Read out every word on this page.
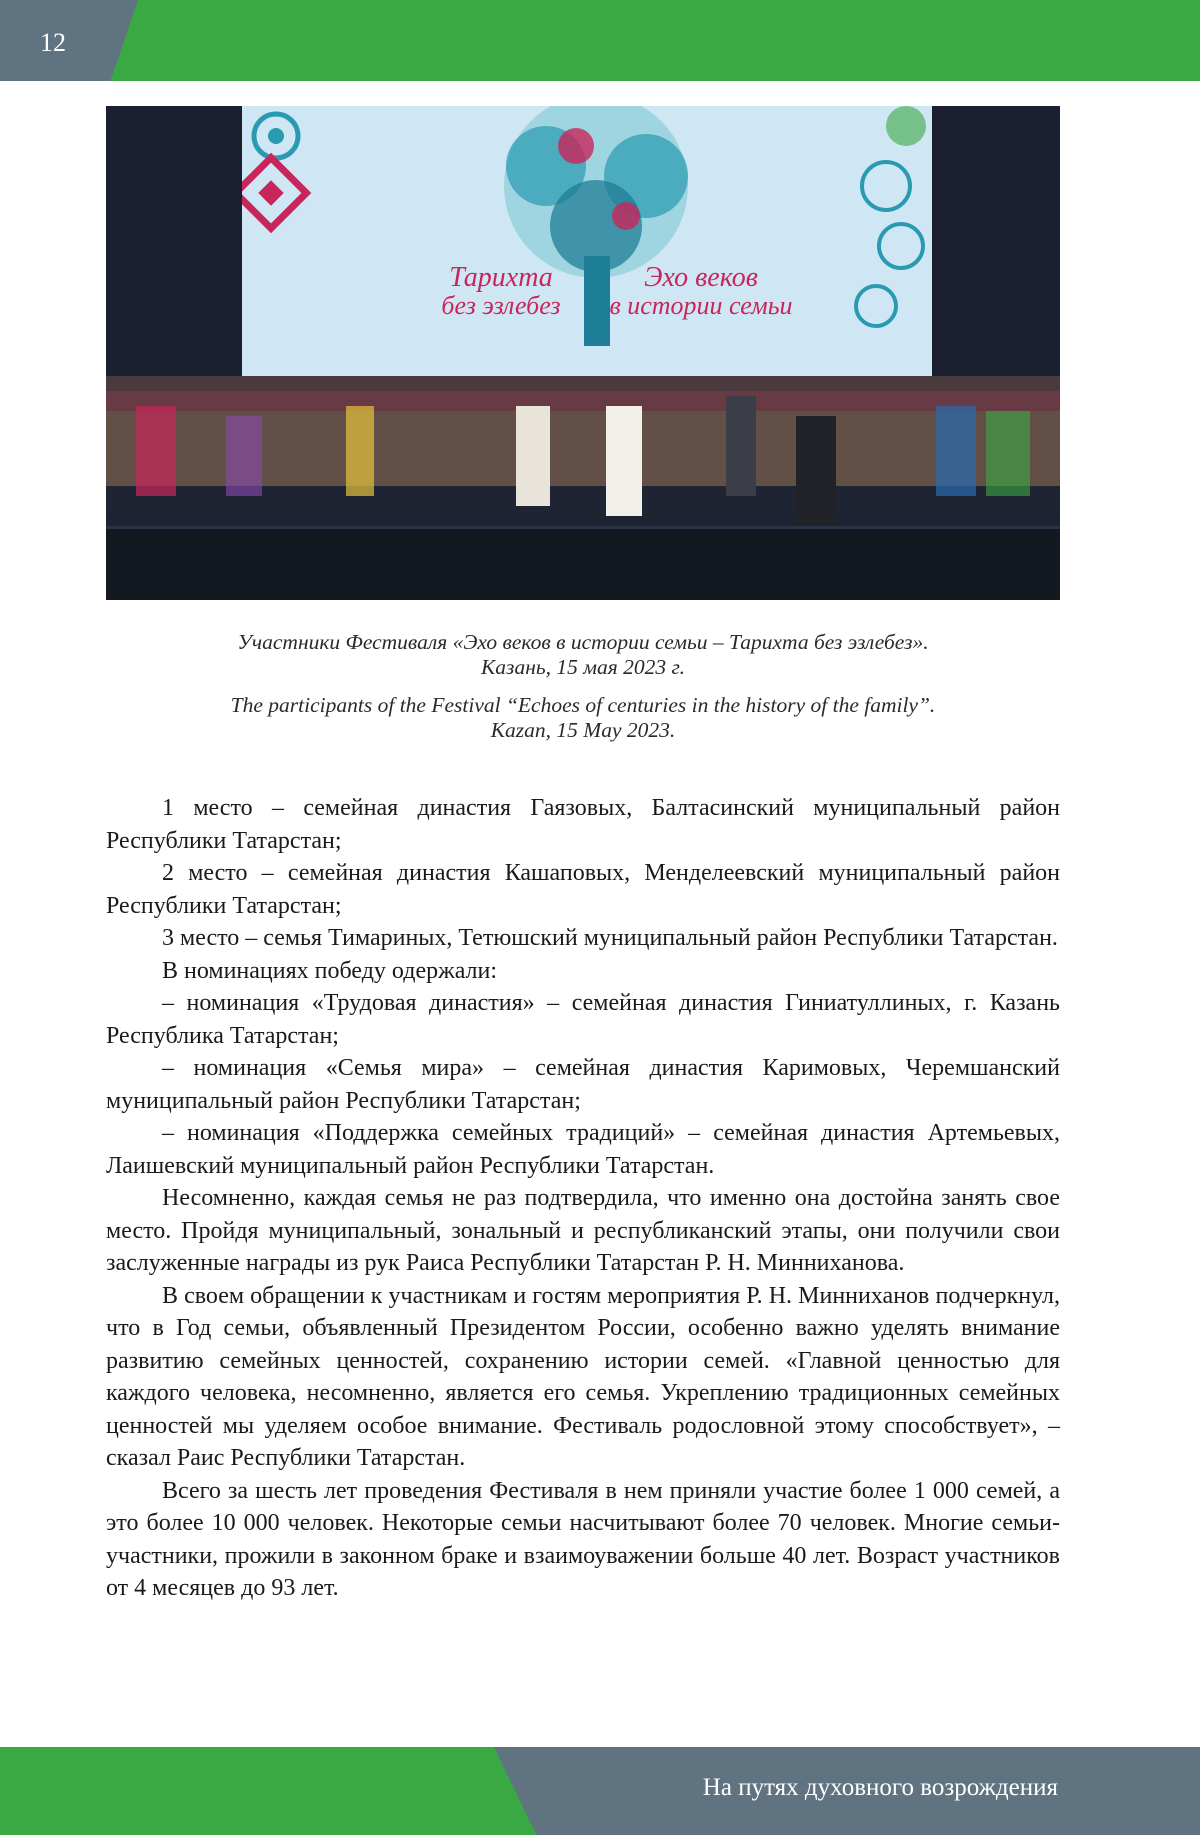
12
Тарихта
без эзлебез
Эхо веков
в истории семьи
Участники Фестиваля «Эхо веков в истории семьи – Тарихта без эзлебез».
Казань, 15 мая 2023 г.
The participants of the Festival “Echoes of centuries in the history of the family”.
Kazan, 15 May 2023.

1 место – семейная династия Гаязовых, Балтасинский муниципальный район Республики Татарстан;

2 место – семейная династия Кашаповых, Менделеевский муниципальный район Республики Татарстан;

3 место – семья Тимариных, Тетюшский муниципальный район Республики Татарстан.

В номинациях победу одержали:

– номинация «Трудовая династия» – семейная династия Гиниатуллиных, г. Казань Республика Татарстан;

– номинация «Семья мира» – семейная династия Каримовых, Черемшанский муниципальный район Республики Татарстан;

– номинация «Поддержка семейных традиций» – семейная династия Артемьевых, Лаишевский муниципальный район Республики Татарстан.

Несомненно, каждая семья не раз подтвердила, что именно она достойна занять свое место. Пройдя муниципальный, зональный и республиканский этапы, они получили свои заслуженные награды из рук Раиса Республики Татарстан Р. Н. Минниханова.

В своем обращении к участникам и гостям мероприятия Р. Н. Минниханов подчеркнул, что в Год семьи, объявленный Президентом России, особенно важно уделять внимание развитию семейных ценностей, сохранению истории семей. «Главной ценностью для каждого человека, несомненно, является его семья. Укреплению традиционных семейных ценностей мы уделяем особое внимание. Фестиваль родословной этому способствует», – сказал Раис Республики Татарстан.

Всего за шесть лет проведения Фестиваля в нем приняли участие более 1 000 семей, а это более 10 000 человек. Некоторые семьи насчитывают более 70 человек. Многие семьи-участники, прожили в законном браке и взаимоуважении больше 40 лет. Возраст участников от 4 месяцев до 93 лет.

На путях духовного возрождения
